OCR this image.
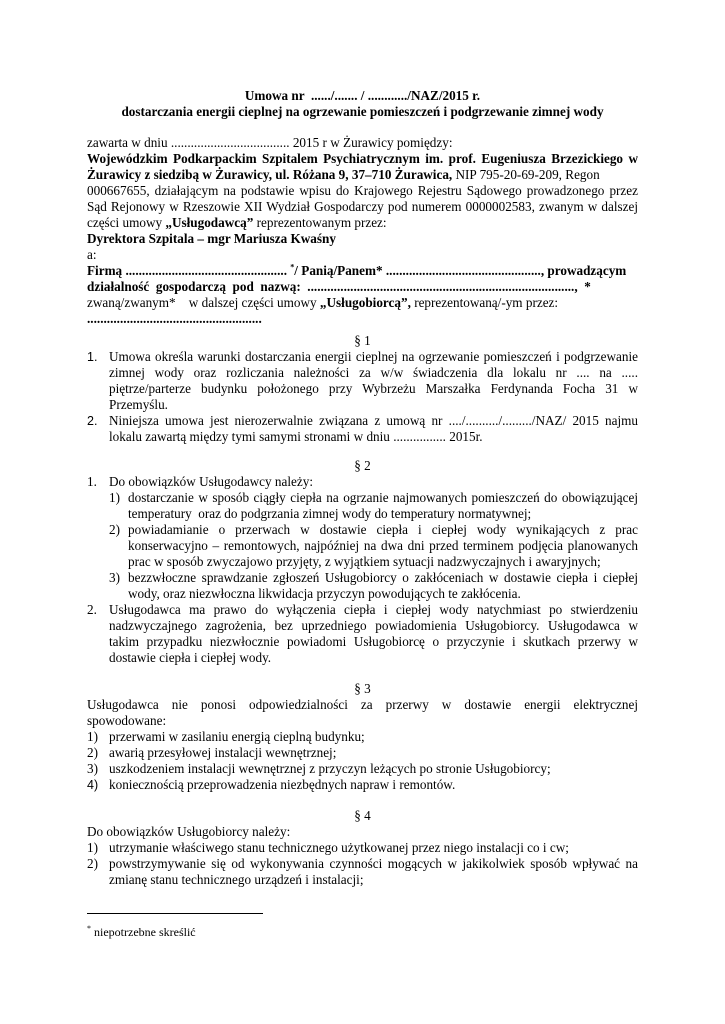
Umowa nr  ....../....... / ............/NAZ/2015 r.
dostarczania energii cieplnej na ogrzewanie pomieszczeń i podgrzewanie zimnej wody
zawarta w dniu .................................... 2015 r w Żurawicy pomiędzy:
Wojewódzkim Podkarpackim Szpitalem Psychiatrycznym im. prof. Eugeniusza Brzezickiego w
Żurawicy z siedzibą w Żurawicy, ul. Różana 9, 37–710 Żurawica, NIP 795-20-69-209, Regon
000667655, działającym na podstawie wpisu do Krajowego Rejestru Sądowego prowadzonego przez
Sąd Rejonowy w Rzeszowie XII Wydział Gospodarczy pod numerem 0000002583, zwanym w dalszej
części umowy „Usługodawcą” reprezentowanym przez:
Dyrektora Szpitala – mgr Mariusza Kwaśny
a:
Firmą ................................................. */ Panią/Panem* ..............................................., prowadzącym
działalność  gospodarczą  pod  nazwą:  .................................................................................,  *
zwaną/zwanym*    w dalszej części umowy „Usługobiorcą”, reprezentowaną/-ym przez:
.....................................................
§ 1
1. Umowa określa warunki dostarczania energii cieplnej na ogrzewanie pomieszczeń i podgrzewanie
zimnej wody oraz rozliczania należności za w/w świadczenia dla lokalu nr .... na .....
piętrze/parterze budynku położonego przy Wybrzeżu Marszałka Ferdynanda Focha 31 w
Przemyślu.
2. Niniejsza umowa jest nierozerwalnie związana z umową nr ..../........../........./NAZ/ 2015 najmu
lokalu zawartą między tymi samymi stronami w dniu ................ 2015r.
§ 2
1. Do obowiązków Usługodawcy należy:
1) dostarczanie w sposób ciągły ciepła na ogrzanie najmowanych pomieszczeń do obowiązującej
temperatury  oraz do podgrzania zimnej wody do temperatury normatywnej;
2) powiadamianie o przerwach w dostawie ciepła i ciepłej wody wynikających z prac
konserwacyjno – remontowych, najpóźniej na dwa dni przed terminem podjęcia planowanych
prac w sposób zwyczajowo przyjęty, z wyjątkiem sytuacji nadzwyczajnych i awaryjnych;
3) bezzwłoczne sprawdzanie zgłoszeń Usługobiorcy o zakłóceniach w dostawie ciepła i ciepłej
wody, oraz niezwłoczna likwidacja przyczyn powodujących te zakłócenia.
2. Usługodawca ma prawo do wyłączenia ciepła i ciepłej wody natychmiast po stwierdzeniu
nadzwyczajnego zagrożenia, bez uprzedniego powiadomienia Usługobiorcy. Usługodawca w
takim przypadku niezwłocznie powiadomi Usługobiorcę o przyczynie i skutkach przerwy w
dostawie ciepła i ciepłej wody.
§ 3
Usługodawca nie ponosi odpowiedzialności za przerwy w dostawie energii elektrycznej
spowodowane:
1) przerwami w zasilaniu energią cieplną budynku;
2) awarią przesyłowej instalacji wewnętrznej;
3) uszkodzeniem instalacji wewnętrznej z przyczyn leżących po stronie Usługobiorcy;
4) koniecznością przeprowadzenia niezbędnych napraw i remontów.
§ 4
Do obowiązków Usługobiorcy należy:
1) utrzymanie właściwego stanu technicznego użytkowanej przez niego instalacji co i cw;
2) powstrzymywanie się od wykonywania czynności mogących w jakikolwiek sposób wpływać na
zmianę stanu technicznego urządzeń i instalacji;
* niepotrzebne skreślić
